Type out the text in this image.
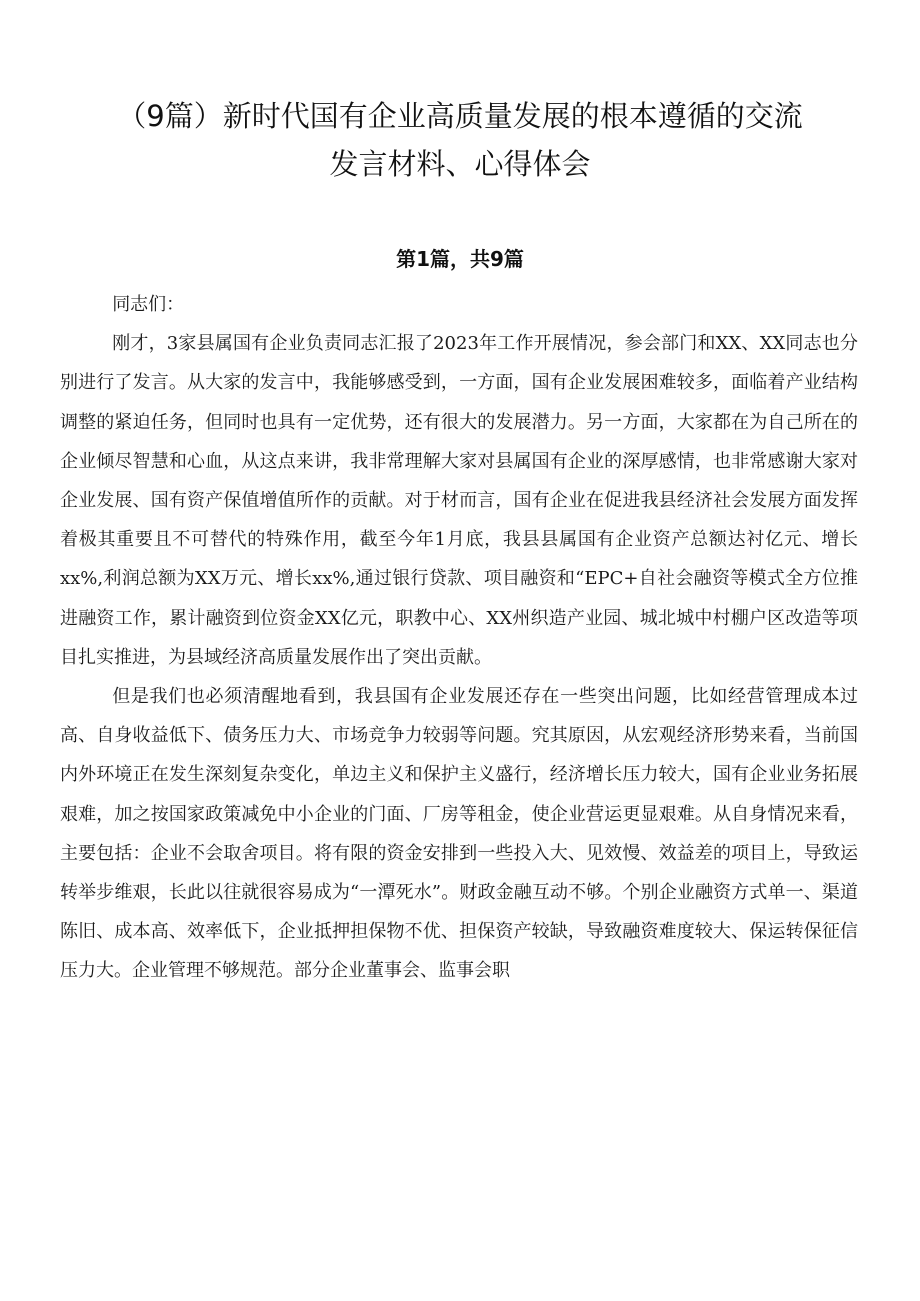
（9篇）新时代国有企业高质量发展的根本遵循的交流
发言材料、心得体会
第1篇，共9篇

同志们：

刚才，3家县属国有企业负责同志汇报了2023年工作开展情况，参会部门和XX、XX同志也分别进行了发言。从大家的发言中，我能够感受到，一方面，国有企业发展困难较多，面临着产业结构调整的紧迫任务，但同时也具有一定优势，还有很大的发展潜力。另一方面，大家都在为自己所在的企业倾尽智慧和心血，从这点来讲，我非常理解大家对县属国有企业的深厚感情，也非常感谢大家对企业发展、国有资产保值增值所作的贡献。对于材而言，国有企业在促进我县经济社会发展方面发挥着极其重要且不可替代的特殊作用，截至今年1月底，我县县属国有企业资产总额达衬亿元、增长xx%,利润总额为XX万元、增长xx%,通过银行贷款、项目融资和“EPC+自社会融资等模式全方位推进融资工作，累计融资到位资金XX亿元，职教中心、XX州织造产业园、城北城中村棚户区改造等项目扎实推进，为县域经济高质量发展作出了突出贡献。

但是我们也必须清醒地看到，我县国有企业发展还存在一些突出问题，比如经营管理成本过高、自身收益低下、债务压力大、市场竞争力较弱等问题。究其原因，从宏观经济形势来看，当前国内外环境正在发生深刻复杂变化，单边主义和保护主义盛行，经济增长压力较大，国有企业业务拓展艰难，加之按国家政策减免中小企业的门面、厂房等租金，使企业营运更显艰难。从自身情况来看，主要包括：企业不会取舍项目。将有限的资金安排到一些投入大、见效慢、效益差的项目上，导致运转举步维艰，长此以往就很容易成为“一潭死水”。财政金融互动不够。个别企业融资方式单一、渠道陈旧、成本高、效率低下，企业抵押担保物不优、担保资产较缺，导致融资难度较大、保运转保征信压力大。企业管理不够规范。部分企业董事会、监事会职
